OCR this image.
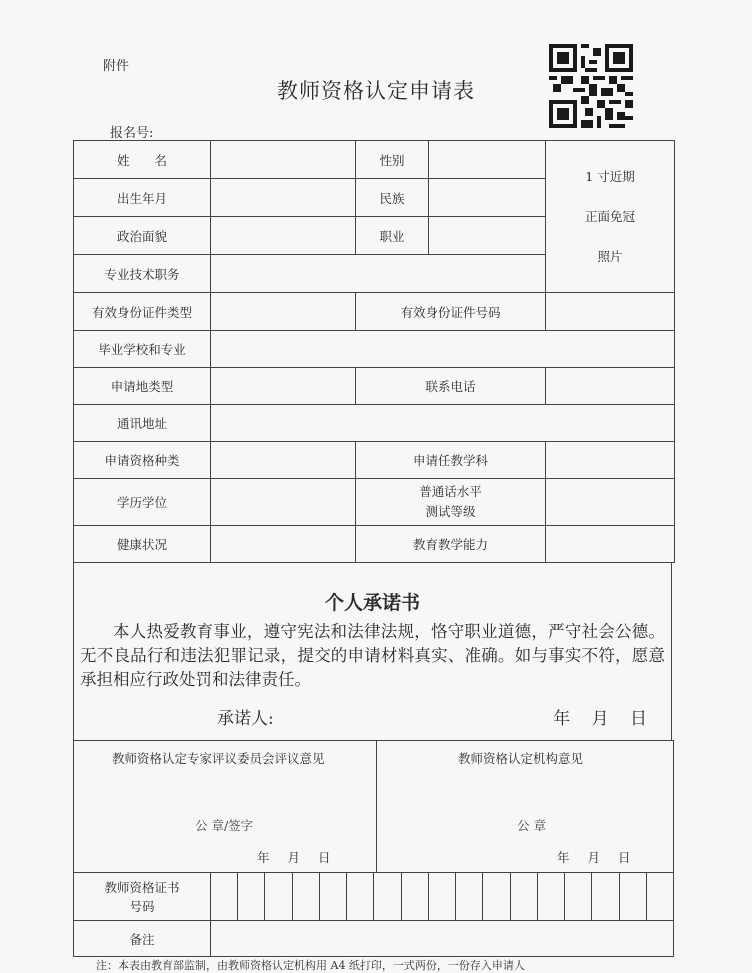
附件
教师资格认定申请表
报名号:
姓　　名		性别		1 寸近期
正面免冠
照片

出生年月		民族		
政治面貌		职业		
专业技术职务				
有效身份证件类型		有效身份证件号码		
毕业学校和专业				
申请地类型		联系电话		
通讯地址				
申请资格种类		申请任教学科		
学历学位		普通话水平
测试等级		

健康状况		教育教学能力		
个人承诺书
本人热爱教育事业，遵守宪法和法律法规，恪守职业道德，严守社会公德。无不良品行和违法犯罪记录，提交的申请材料真实、准确。如与事实不符，愿意承担相应行政处罚和法律责任。
承诺人:	年 月 日
教师资格认定专家评议委员会评议意见
公 章/签字
年 月 日
教师资格认定机构意见
公 章
年 月 日
教师资格证书
号码																	

备注																	
注：本表由教育部监制，由教师资格认定机构用 A4 纸打印，一式两份，一份存入申请人
